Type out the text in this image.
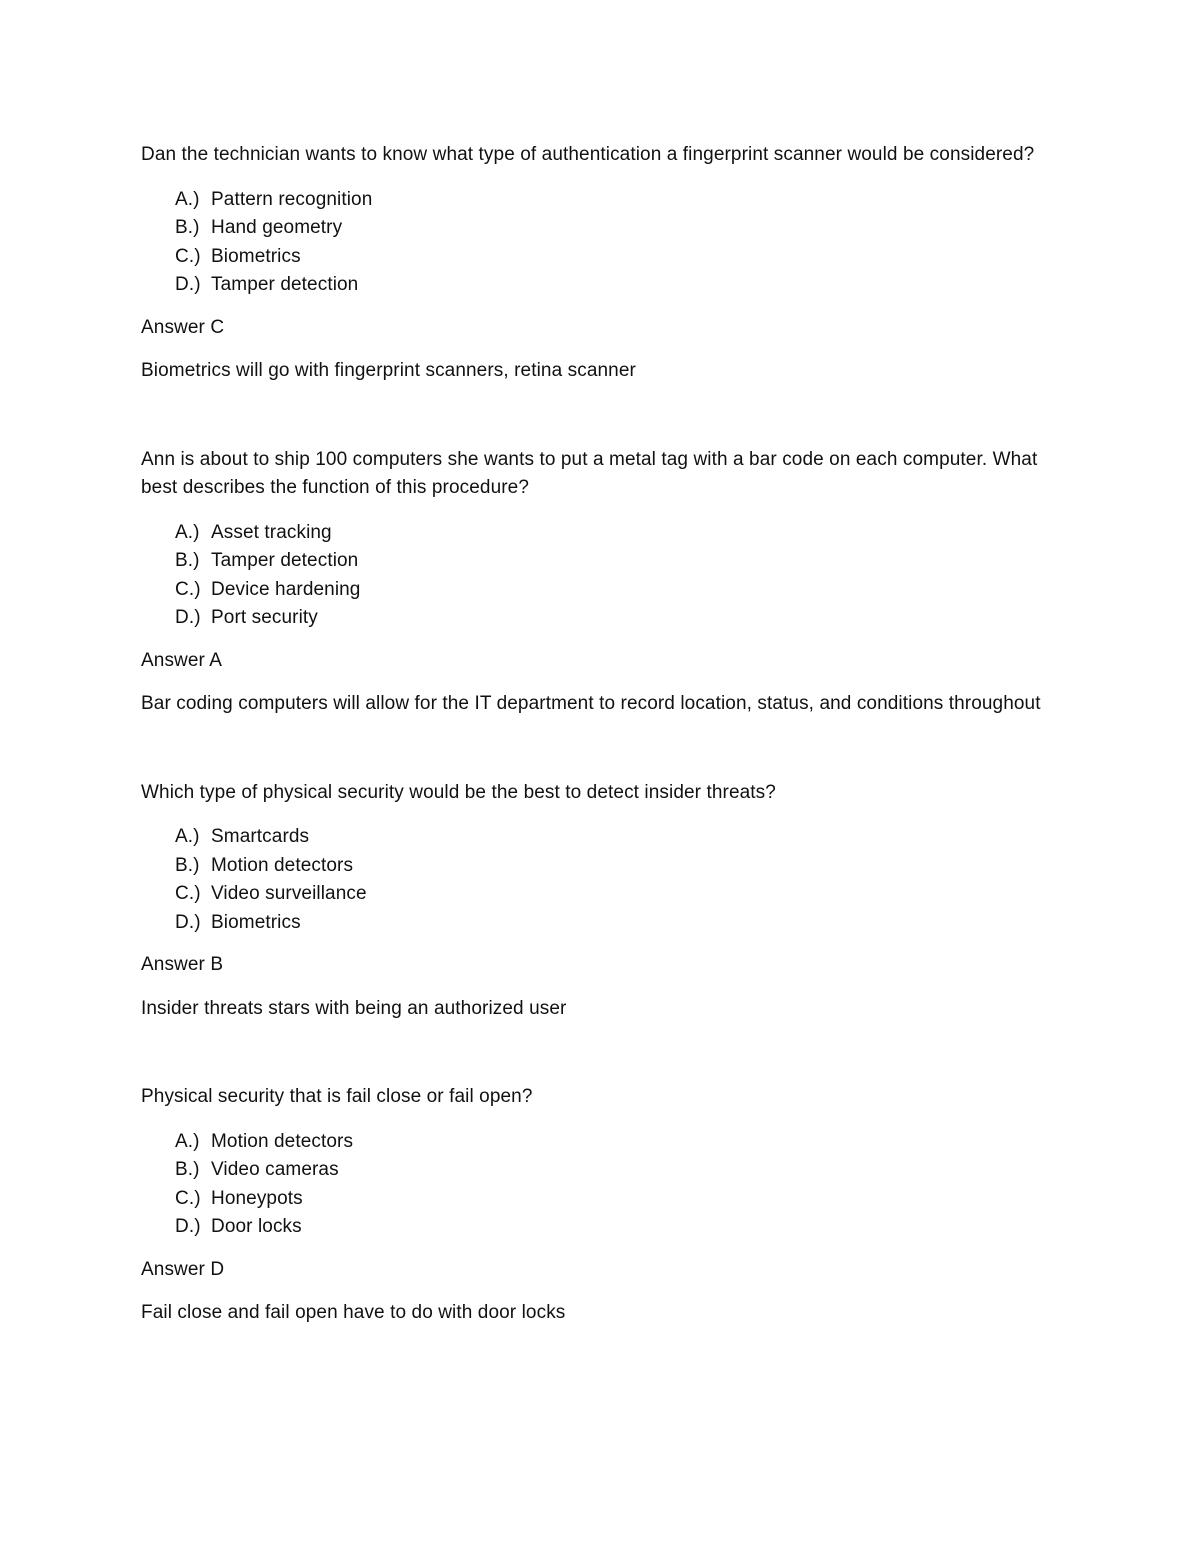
Dan the technician wants to know what type of authentication a fingerprint scanner would be considered?

A.) Pattern recognition
B.) Hand geometry
C.) Biometrics
D.) Tamper detection

Answer C

Biometrics will go with fingerprint scanners, retina scanner

Ann is about to ship 100 computers she wants to put a metal tag with a bar code on each computer. What best describes the function of this procedure?

A.) Asset tracking
B.) Tamper detection
C.) Device hardening
D.) Port security

Answer A

Bar coding computers will allow for the IT department to record location, status, and conditions throughout

Which type of physical security would be the best to detect insider threats?

A.) Smartcards
B.) Motion detectors
C.) Video surveillance
D.) Biometrics

Answer B

Insider threats stars with being an authorized user

Physical security that is fail close or fail open?

A.) Motion detectors
B.) Video cameras
C.) Honeypots
D.) Door locks

Answer D

Fail close and fail open have to do with door locks
